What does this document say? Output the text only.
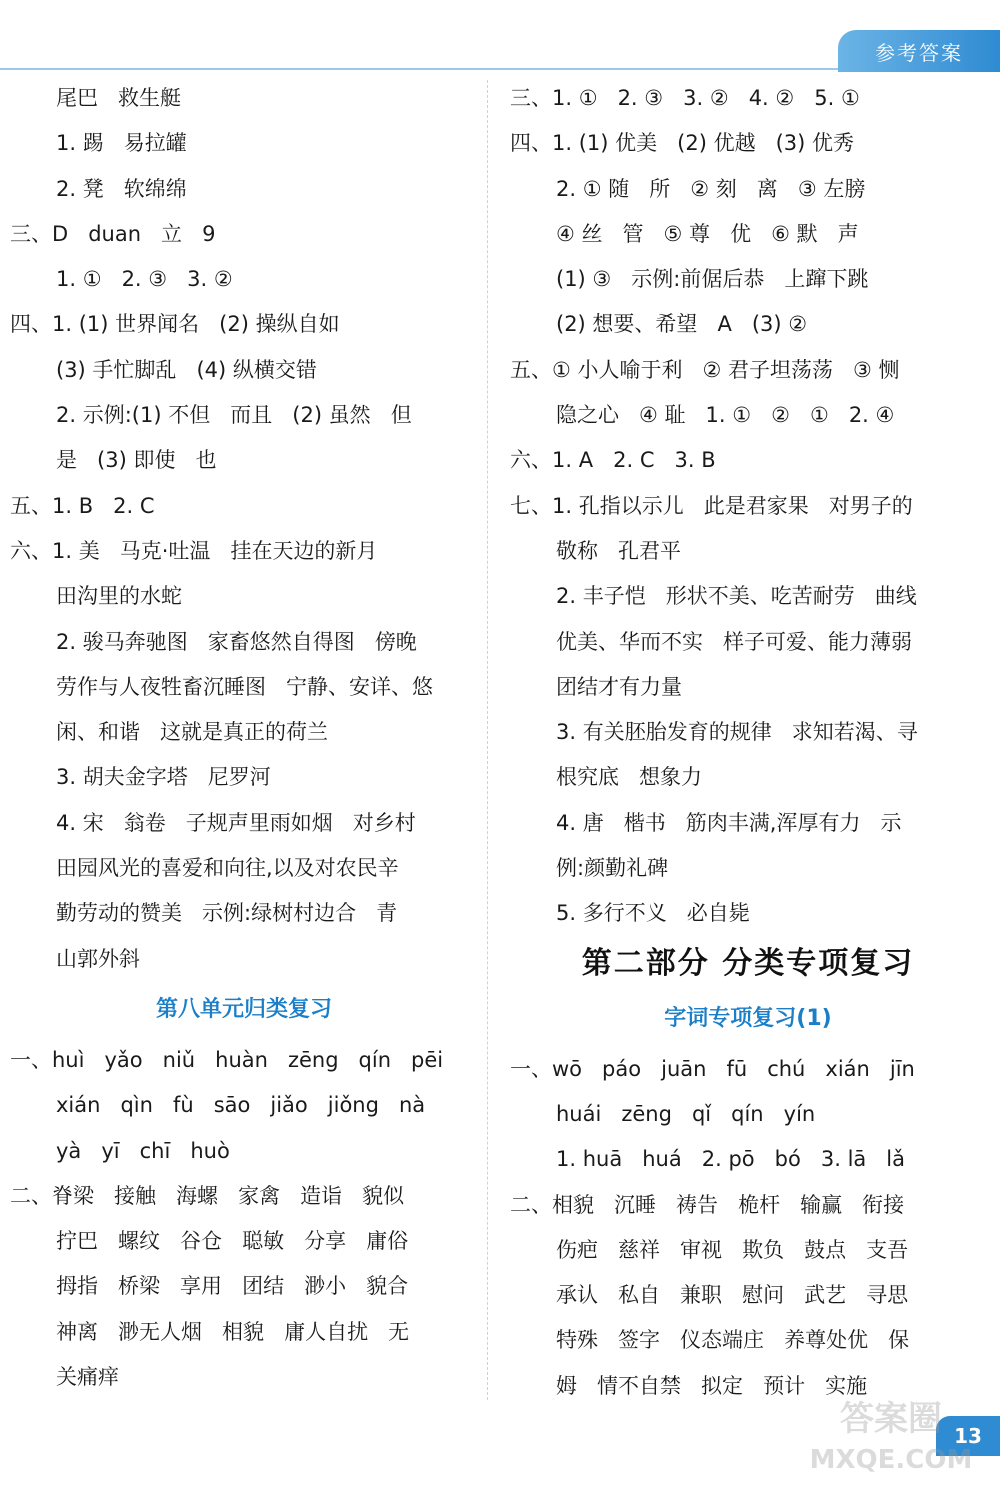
参考答案
尾巴   救生艇
1. 踢   易拉罐
2. 凳   软绵绵
三、D   duan   立   9
1. ①   2. ③   3. ②
四、1. (1) 世界闻名   (2) 操纵自如
(3) 手忙脚乱   (4) 纵横交错
2. 示例:(1) 不但   而且   (2) 虽然   但
是   (3) 即使   也
五、1. B   2. C
六、1. 美   马克·吐温   挂在天边的新月
田沟里的水蛇
2. 骏马奔驰图   家畜悠然自得图   傍晚
劳作与人夜牲畜沉睡图   宁静、安详、悠
闲、和谐   这就是真正的荷兰
3. 胡夫金字塔   尼罗河
4. 宋   翁卷   子规声里雨如烟   对乡村
田园风光的喜爱和向往,以及对农民辛
勤劳动的赞美   示例:绿树村边合   青
山郭外斜
第八单元归类复习
一、huì   yǎo   niǔ   huàn   zēng   qín   pēi
xián   qìn   fù   sāo   jiǎo   jiǒng   nà
yà   yī   chī   huò
二、脊梁   接触   海螺   家禽   造诣   貌似
拧巴   螺纹   谷仓   聪敏   分享   庸俗
拇指   桥梁   享用   团结   渺小   貌合
神离   渺无人烟   相貌   庸人自扰   无
关痛痒
三、1. ①   2. ③   3. ②   4. ②   5. ①
四、1. (1) 优美   (2) 优越   (3) 优秀
2. ① 随   所   ② 刻   离   ③ 左膀
④ 丝   管   ⑤ 尊   优   ⑥ 默   声
(1) ③   示例:前倨后恭   上蹿下跳
(2) 想要、希望   A   (3) ②
五、① 小人喻于利   ② 君子坦荡荡   ③ 恻
隐之心   ④ 耻   1. ①   ②   ①   2. ④
六、1. A   2. C   3. B
七、1. 孔指以示儿   此是君家果   对男子的
敬称   孔君平
2. 丰子恺   形状不美、吃苦耐劳   曲线
优美、华而不实   样子可爱、能力薄弱
团结才有力量
3. 有关胚胎发育的规律   求知若渴、寻
根究底   想象力
4. 唐   楷书   筋肉丰满,浑厚有力   示
例:颜勤礼碑
5. 多行不义   必自毙
第二部分 分类专项复习
字词专项复习(1)
一、wō   páo   juān   fū   chú   xián   jīn
huái   zēng   qǐ   qín   yín
1. huā   huá   2. pō   bó   3. lā   lǎ
二、相貌   沉睡   祷告   桅杆   输赢   衔接
伤疤   慈祥   审视   欺负   鼓点   支吾
承认   私自   兼职   慰问   武艺   寻思
特殊   签字   仪态端庄   养尊处优   保
姆   情不自禁   拟定   预计   实施
13
答案圈
MXQE.COM
